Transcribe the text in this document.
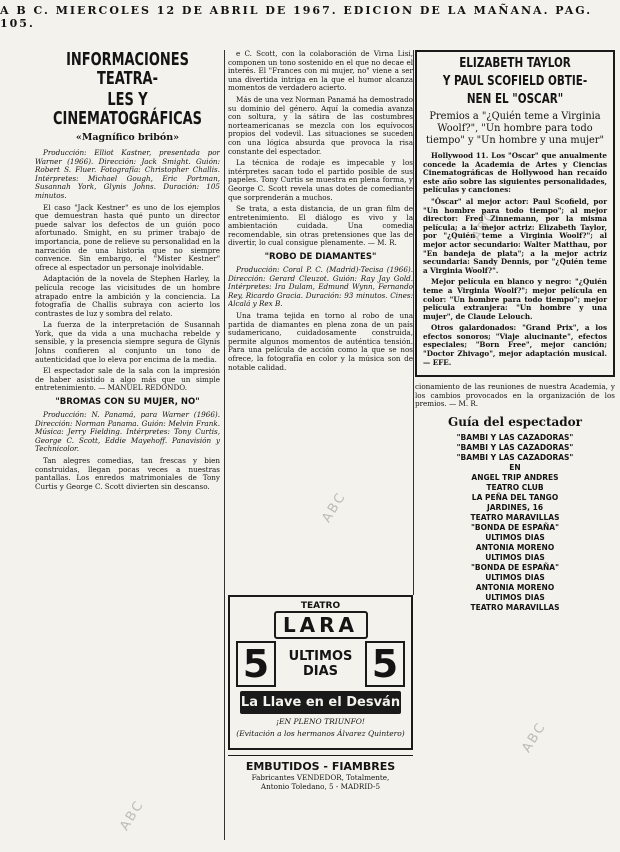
A B C. MIERCOLES 12 DE ABRIL DE 1967. EDICION DE LA MAÑANA. PAG. 105.
INFORMACIONES TEATRA-
LES Y CINEMATOGRÁFICAS
«Magnífico bribón»

Producción: Elliot Kastner, presentada por Warner (1966). Dirección: Jack Smight. Guión: Robert S. Fluer. Fotografía: Christopher Challis. Intérpretes: Michael Gough, Eric Portman, Susannah York, Glynis Johns. Duración: 105 minutos.

El caso "Jack Kestner" es uno de los ejemplos que demuestran hasta qué punto un director puede salvar los defectos de un guión poco afortunado. Smight, en su primer trabajo de importancia, pone de relieve su personalidad en la narración de una historia que no siempre convence. Sin embargo, el "Mister Kestner" ofrece al espectador un personaje inolvidable.

Adaptación de la novela de Stephen Harley, la película recoge las vicisitudes de un hombre atrapado entre la ambición y la conciencia. La fotografía de Challis subraya con acierto los contrastes de luz y sombra del relato.

La fuerza de la interpretación de Susannah York, que da vida a una muchacha rebelde y sensible, y la presencia siempre segura de Glynis Johns confieren al conjunto un tono de autenticidad que lo eleva por encima de la media.

El espectador sale de la sala con la impresión de haber asistido a algo más que un simple entretenimiento. — MANUEL REDONDO.

"BROMAS CON SU MUJER, NO"

Producción: N. Panamá, para Warner (1966). Dirección: Norman Panama. Guión: Melvin Frank. Música: Jerry Fielding. Intérpretes: Tony Curtis, George C. Scott, Eddie Mayehoff. Panavisión y Technicolor.

Tan alegres comedias, tan frescas y bien construidas, llegan pocas veces a nuestras pantallas. Los enredos matrimoniales de Tony Curtis y George C. Scott divierten sin descanso.

e C. Scott, con la colaboración de Virna Lisi, componen un tono sostenido en el que no decae el interés. El "Frances con mi mujer, no" viene a ser una divertida intriga en la que el humor alcanza momentos de verdadero acierto.

Más de una vez Norman Panamá ha demostrado su dominio del género. Aquí la comedia avanza con soltura, y la sátira de las costumbres norteamericanas se mezcla con los equívocos propios del vodevil. Las situaciones se suceden con una lógica absurda que provoca la risa constante del espectador.

La técnica de rodaje es impecable y los intérpretes sacan todo el partido posible de sus papeles. Tony Curtis se muestra en plena forma, y George C. Scott revela unas dotes de comediante que sorprenderán a muchos.

Se trata, a esta distancia, de un gran film de entretenimiento. El diálogo es vivo y la ambientación cuidada. Una comedia recomendable, sin otras pretensiones que las de divertir, lo cual consigue plenamente. — M. R.

"ROBO DE DIAMANTES"

Producción: Coral P. C. (Madrid)-Tecisa (1966). Dirección: Gerard Cleuzot. Guión: Ray Jay Gold. Intérpretes: Ira Dulam, Edmund Wynn, Fernando Rey, Ricardo Gracia. Duración: 93 minutos. Cines: Alcalá y Rex B.

Una trama tejida en torno al robo de una partida de diamantes en plena zona de un país sudamericano, cuidadosamente construida, permite algunos momentos de auténtica tensión. Para una película de acción como la que se nos ofrece, la fotografía en color y la música son de notable calidad.

TEATRO
LARA
5	ULTIMOS
DIAS 5
La Llave en el Desván
¡EN PLENO TRIUNFO!
(Evitación a los hermanos Álvarez Quintero)
EMBUTIDOS - FIAMBRES
Fabricantes VENDEDOR, Totalmente,
Antonio Toledano, 5 - MADRID-5
ELIZABETH TAYLOR
Y PAUL SCOFIELD OBTIE-
NEN EL "OSCAR"

Premios a "¿Quién teme a Virginia Woolf?", "Un hombre para todo tiempo" y "Un hombre y una mujer"

Hollywood 11. Los "Oscar" que anualmente concede la Academia de Artes y Ciencias Cinematográficas de Hollywood han recaído este año sobre las siguientes personalidades, películas y canciones:

"Óscar" al mejor actor: Paul Scofield, por "Un hombre para todo tiempo"; al mejor director: Fred Zinnemann, por la misma película; a la mejor actriz: Elizabeth Taylor, por "¿Quién teme a Virginia Woolf?"; al mejor actor secundario: Walter Matthau, por "En bandeja de plata"; a la mejor actriz secundaria: Sandy Dennis, por "¿Quién teme a Virginia Woolf?".

Mejor película en blanco y negro: "¿Quién teme a Virginia Woolf?"; mejor película en color: "Un hombre para todo tiempo"; mejor película extranjera: "Un hombre y una mujer", de Claude Lelouch.

Otros galardonados: "Grand Prix", a los efectos sonoros; "Viaje alucinante", efectos especiales; "Born Free", mejor canción; "Doctor Zhivago", mejor adaptación musical. — EFE.

cionamiento de las reuniones de nuestra Academia, y los cambios provocados en la organización de los premios. — M. R.

Guía del espectador
"BAMBI Y LAS CAZADORAS"
"BAMBI Y LAS CAZADORAS"
"BAMBI Y LAS CAZADORAS"
EN
ANGEL TRIP ANDRES
TEATRO CLUB
LA PEÑA DEL TANGO
JARDINES, 16
TEATRO MARAVILLAS
"BONDA DE ESPAÑA"
ULTIMOS DIAS
ANTONIA MORENO
ULTIMOS DIAS
"BONDA DE ESPAÑA"
ULTIMOS DIAS
ANTONIA MORENO
ULTIMOS DIAS
TEATRO MARAVILLAS
ABC
ABC
ABC
ABC
